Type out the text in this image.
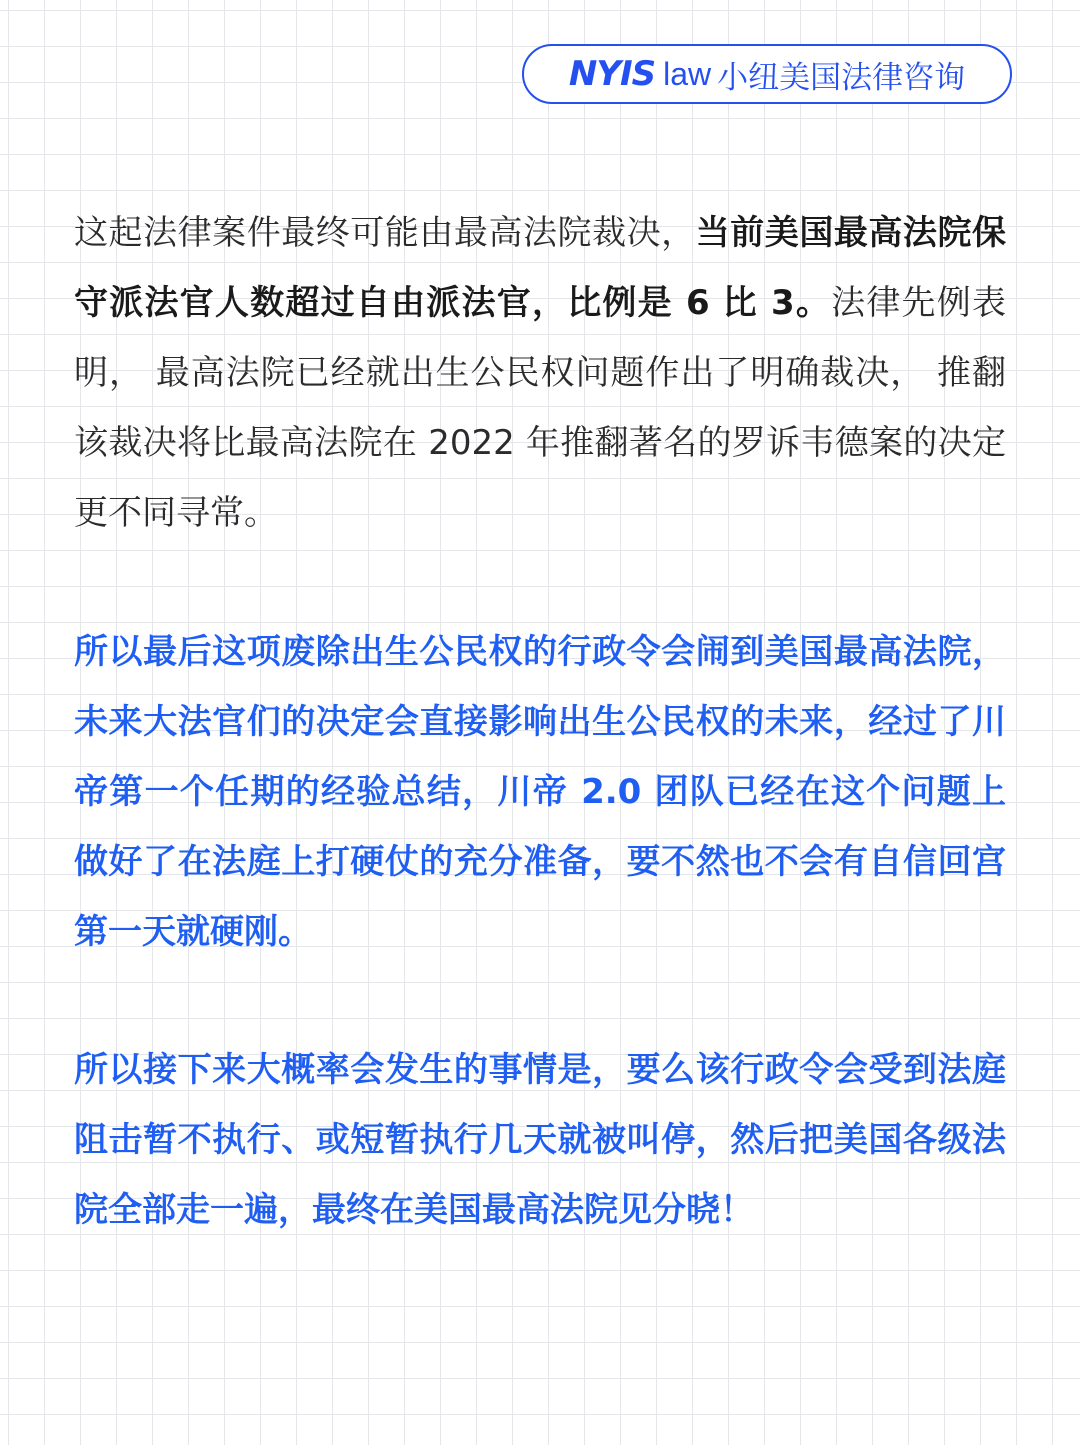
NYIS law 小纽美国法律咨询

这起法律案件最终可能由最高法院裁决，当前美国最高法院保守派法官人数超过自由派法官，比例是 6 比 3。法律先例表明， 最高法院已经就出生公民权问题作出了明确裁决， 推翻该裁决将比最高法院在 2022 年推翻著名的罗诉韦德案的决定更不同寻常。

所以最后这项废除出生公民权的行政令会闹到美国最高法院，未来大法官们的决定会直接影响出生公民权的未来，经过了川帝第一个任期的经验总结，川帝 2.0 团队已经在这个问题上做好了在法庭上打硬仗的充分准备，要不然也不会有自信回宫第一天就硬刚。

所以接下来大概率会发生的事情是，要么该行政令会受到法庭阻击暂不执行、或短暂执行几天就被叫停，然后把美国各级法院全部走一遍，最终在美国最高法院见分晓！
